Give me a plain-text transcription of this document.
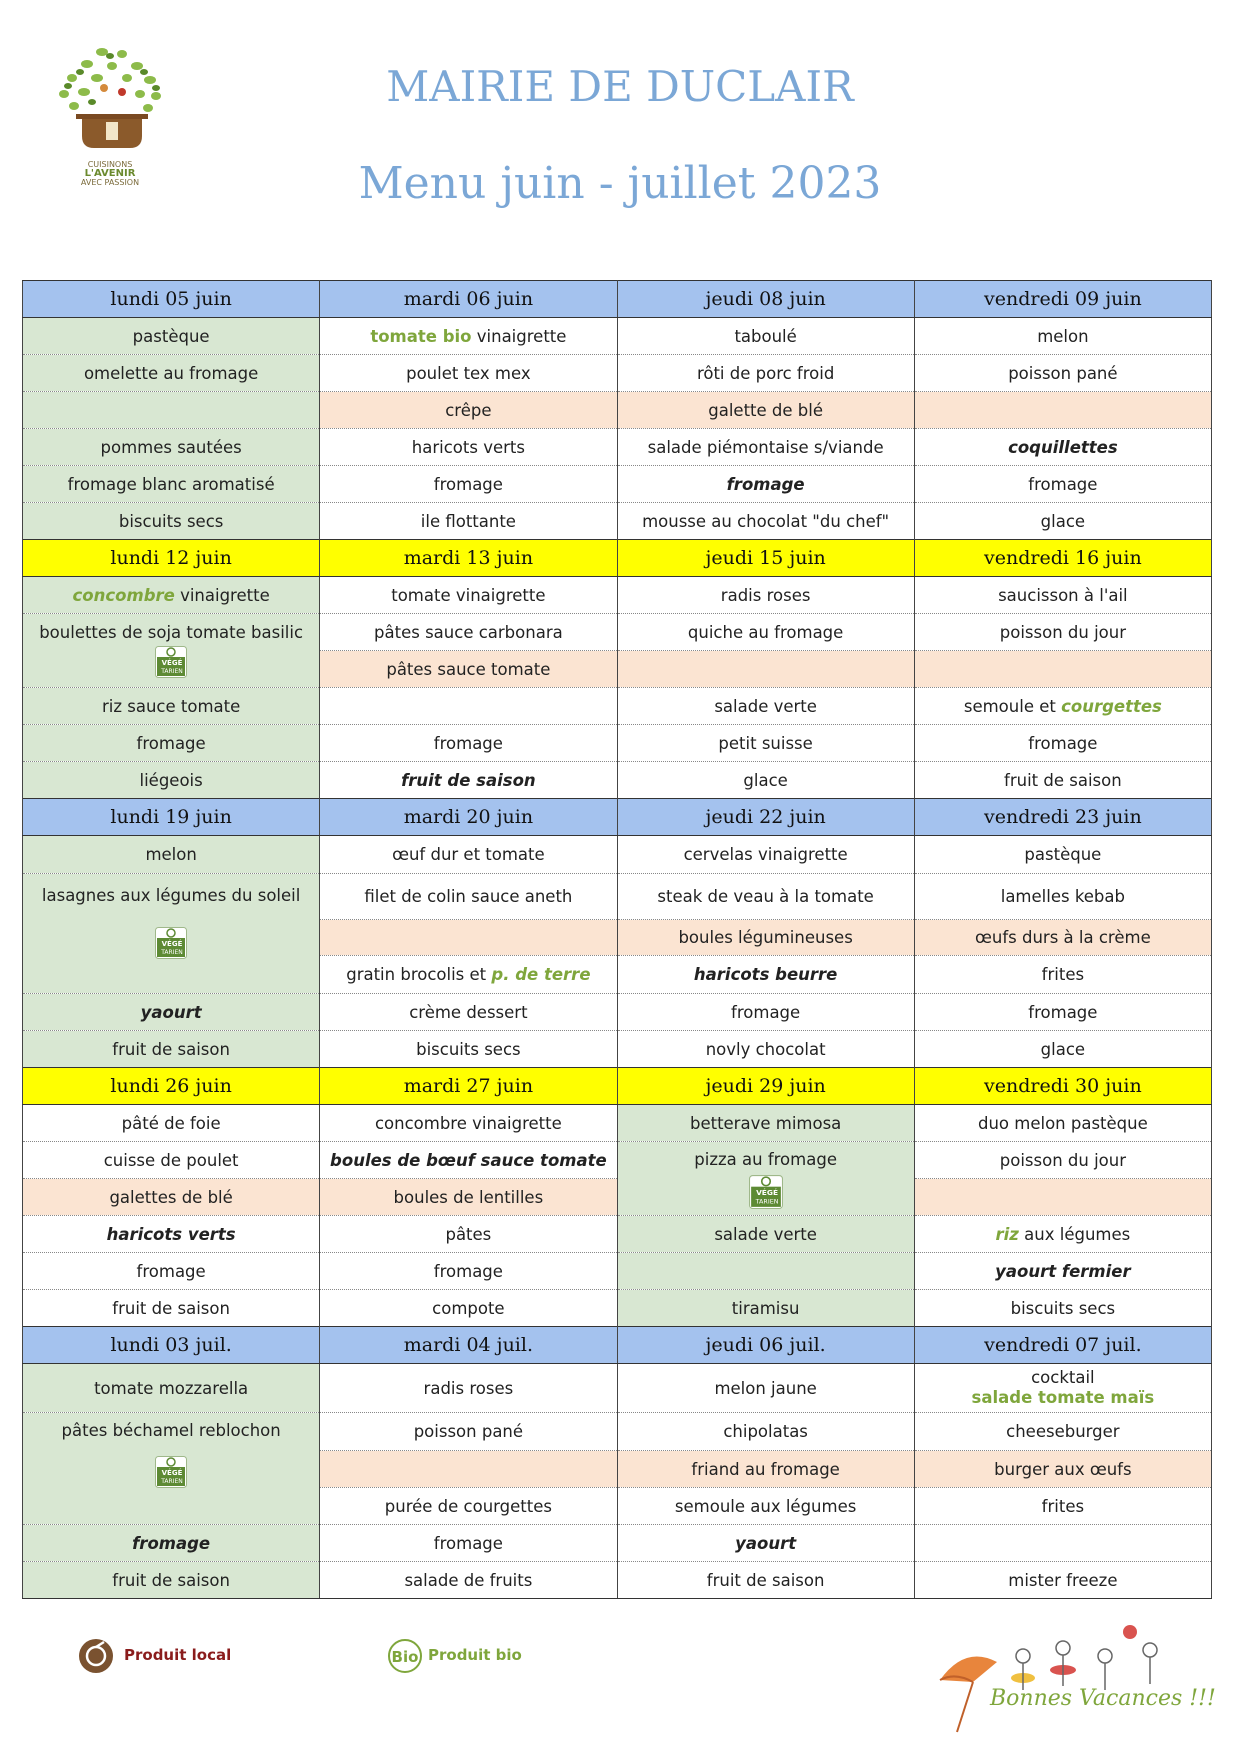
CUISINONS
L'AVENIR
AVEC PASSION
MAIRIE DE DUCLAIR
Menu juin - juillet 2023
lundi 05 juin	mardi 06 juin	jeudi 08 juin	vendredi 09 juin
pastèque	tomate bio vinaigrette	taboulé	melon
omelette au fromage	poulet tex mex	rôti de porc froid	poisson pané
	crêpe	galette de blé	
pommes sautées	haricots verts	salade piémontaise s/viande	coquillettes
fromage blanc aromatisé	fromage	fromage	fromage
biscuits secs	ile flottante	mousse au chocolat "du chef"	glace
lundi 12 juin	mardi 13 juin	jeudi 15 juin	vendredi 16 juin
concombre vinaigrette	tomate vinaigrette	radis roses	saucisson à l'ail
boulettes de soja tomate basilic	pâtes sauce carbonara	quiche au fromage	poisson du jour
	pâtes sauce tomate		
riz sauce tomate		salade verte	semoule et courgettes
fromage	fromage	petit suisse	fromage
liégeois	fruit de saison	glace	fruit de saison
lundi 19 juin	mardi 20 juin	jeudi 22 juin	vendredi 23 juin
melon	œuf dur et tomate	cervelas vinaigrette	pastèque
lasagnes aux légumes du soleil	filet de colin sauce aneth	steak de veau à la tomate	lamelles kebab
		boules légumineuses	œufs durs à la crème
	gratin brocolis et p. de terre	haricots beurre	frites
yaourt	crème dessert	fromage	fromage
fruit de saison	biscuits secs	novly chocolat	glace
lundi 26 juin	mardi 27 juin	jeudi 29 juin	vendredi 30 juin
pâté de foie	concombre vinaigrette	betterave mimosa	duo melon pastèque
cuisse de poulet	boules de bœuf sauce tomate	pizza au fromage	poisson du jour
galettes de blé	boules de lentilles		
haricots verts	pâtes	salade verte	riz aux légumes
fromage	fromage		yaourt fermier
fruit de saison	compote	tiramisu	biscuits secs
lundi 03 juil.	mardi 04 juil.	jeudi 06 juil.	vendredi 07 juil.
tomate mozzarella	radis roses	melon jaune	cocktail
salade tomate maïs

pâtes béchamel reblochon	poisson pané	chipolatas	cheeseburger
		friand au fromage	burger aux œufs
	purée de courgettes	semoule aux légumes	frites
fromage	fromage	yaourt	
fruit de saison	salade de fruits	fruit de saison	mister freeze
Produit local	Bio Produit bio
Bonnes Vacances !!!
